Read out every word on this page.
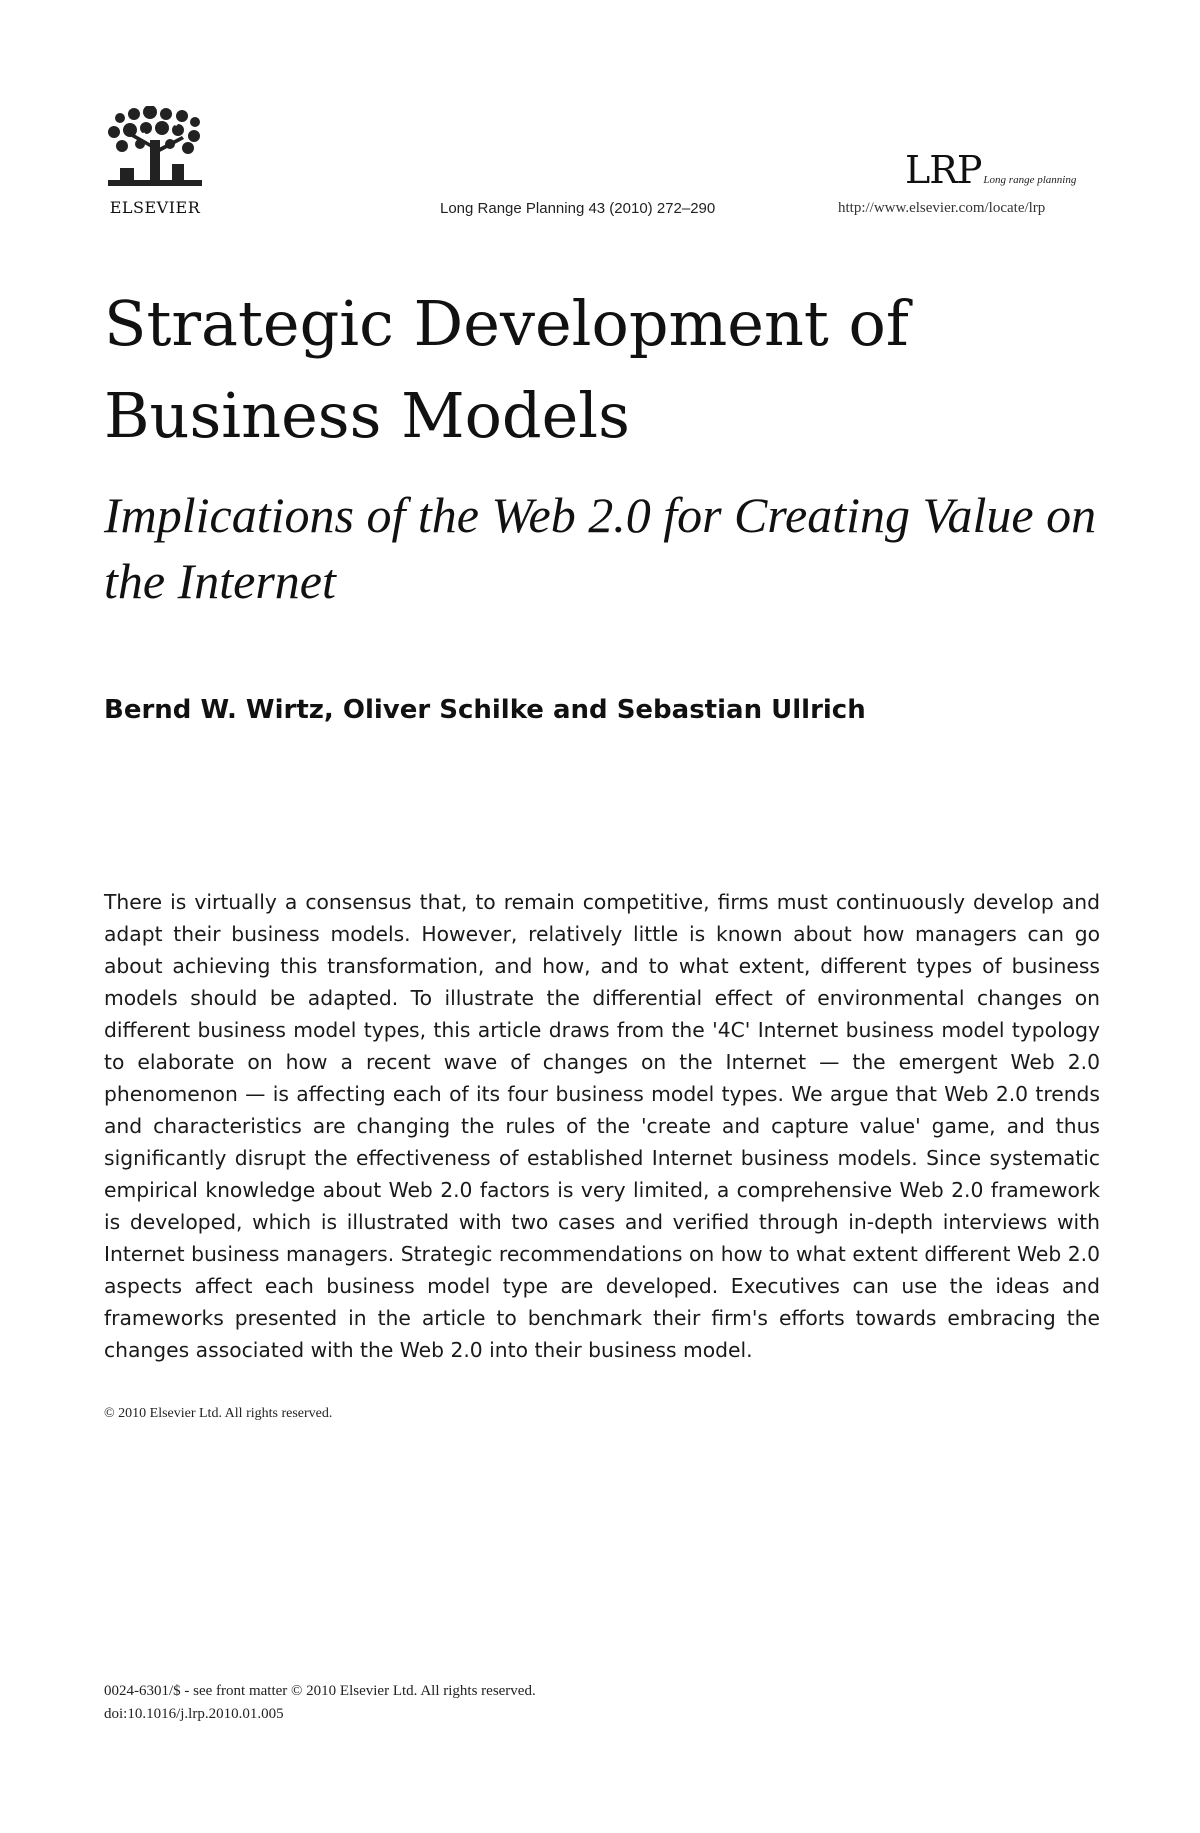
ELSEVIER	Long Range Planning 43 (2010) 272–290
LRP Long range planning
http://www.elsevier.com/locate/lrp
Strategic Development of Business Models
Implications of the Web 2.0 for Creating Value on the Internet
Bernd W. Wirtz, Oliver Schilke and Sebastian Ullrich

There is virtually a consensus that, to remain competitive, firms must continuously develop and adapt their business models. However, relatively little is known about how managers can go about achieving this transformation, and how, and to what extent, different types of business models should be adapted. To illustrate the differential effect of environmental changes on different business model types, this article draws from the '4C' Internet business model typology to elaborate on how a recent wave of changes on the Internet — the emergent Web 2.0 phenomenon — is affecting each of its four business model types. We argue that Web 2.0 trends and characteristics are changing the rules of the 'create and capture value' game, and thus significantly disrupt the effectiveness of established Internet business models. Since systematic empirical knowledge about Web 2.0 factors is very limited, a comprehensive Web 2.0 framework is developed, which is illustrated with two cases and verified through in-depth interviews with Internet business managers. Strategic recommendations on how to what extent different Web 2.0 aspects affect each business model type are developed. Executives can use the ideas and frameworks presented in the article to benchmark their firm's efforts towards embracing the changes associated with the Web 2.0 into their business model.

© 2010 Elsevier Ltd. All rights reserved.
0024-6301/$ - see front matter © 2010 Elsevier Ltd. All rights reserved.
doi:10.1016/j.lrp.2010.01.005
